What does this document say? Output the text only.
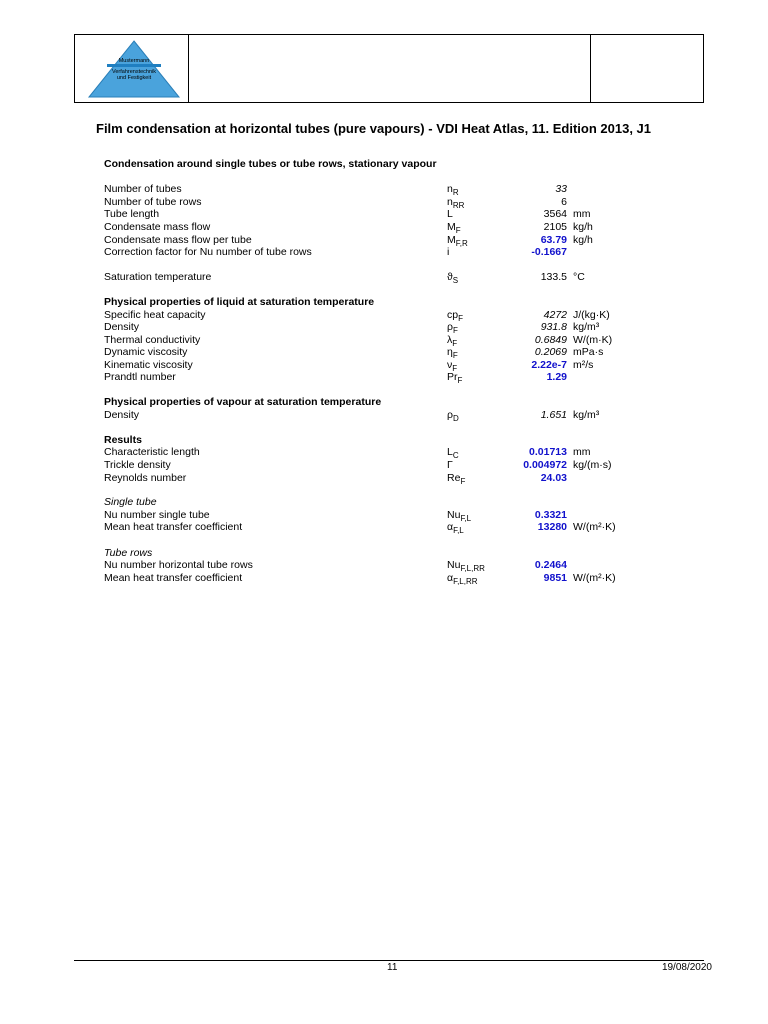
Mustermann
Verfahrenstechnik
und Festigkeit
Film condensation at horizontal tubes (pure vapours) - VDI Heat Atlas, 11. Edition 2013, J1
Condensation around single tubes or tube rows, stationary vapour
Number of tubes	$n_R$	33
Number of tube rows	$n_{RR}$	6
Tube length	L	3564 mm
Condensate mass flow	$M_F$	2105 kg/h
Condensate mass flow per tube	$M_{F,R}$	63.79 kg/h
Correction factor for Nu number of tube rows	i	-0.1667
Saturation temperature	$ϑ_S$	133.5 °C
Physical properties of liquid at saturation temperature
Specific heat capacity	$cp_F$	4272 J/(kg·K)
Density	$\rho_F$	931.8 kg/m³
Thermal conductivity	$\lambda_F$	0.6849 W/(m·K)
Dynamic viscosity	$\eta_F$	0.2069 mPa·s
Kinematic viscosity	$\nu_F$	2.22e-7 m²/s
Prandtl number	$Pr_F$	1.29
Physical properties of vapour at saturation temperature
Density	$\rho_D$	1.651 kg/m³
Results
Characteristic length	$L_C$	0.01713 mm
Trickle density	Γ	0.004972 kg/(m·s)
Reynolds number	$Re_F$	24.03
Single tube
Nu number single tube	$Nu_{F,L}$	0.3321
Mean heat transfer coefficient	$\alpha_{F,L}$	13280 W/(m²·K)
Tube rows
Nu number horizontal tube rows	$Nu_{F,L,RR}$	0.2464
Mean heat transfer coefficient	$\alpha_{F,L,RR}$	9851 W/(m²·K)
11	19/08/2020
